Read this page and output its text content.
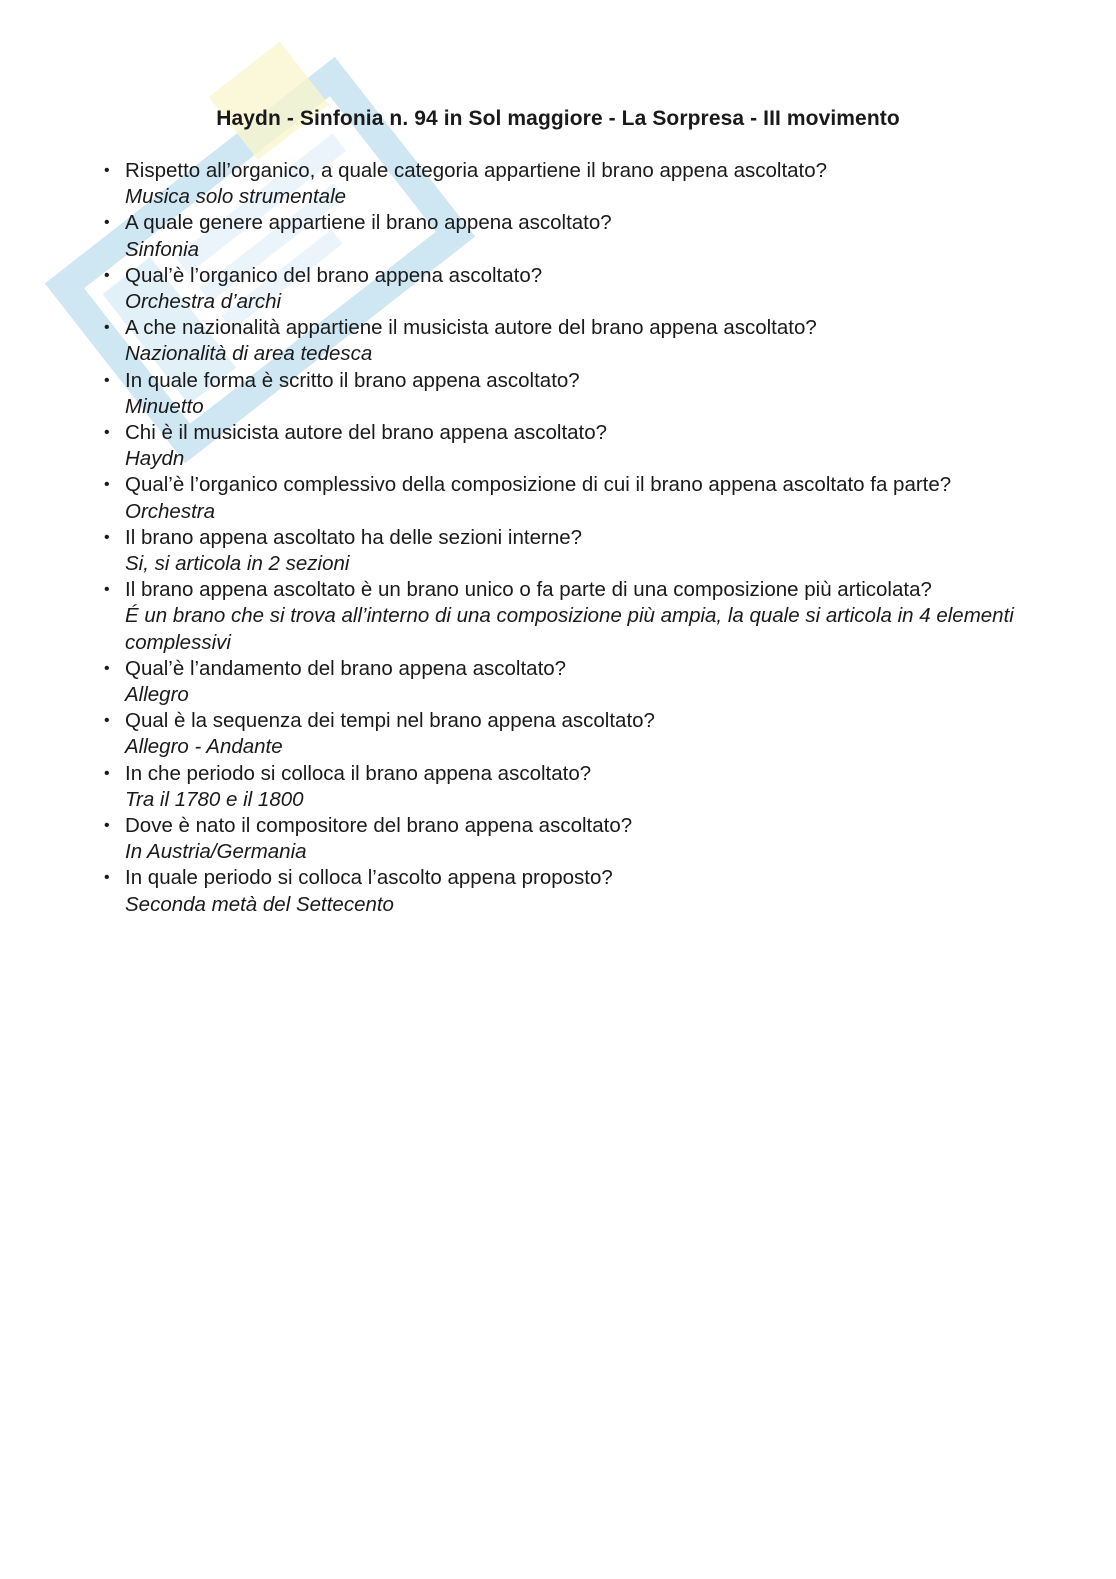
Haydn - Sinfonia n. 94 in Sol maggiore - La Sorpresa - III movimento
• Rispetto all’organico, a quale categoria appartiene il brano appena ascoltato?
Musica solo strumentale
• A quale genere appartiene il brano appena ascoltato?
Sinfonia
• Qual’è l’organico del brano appena ascoltato?
Orchestra d’archi
• A che nazionalità appartiene il musicista autore del brano appena ascoltato?
Nazionalità di area tedesca
• In quale forma è scritto il brano appena ascoltato?
Minuetto
• Chi è il musicista autore del brano appena ascoltato?
Haydn
• Qual’è l’organico complessivo della composizione di cui il brano appena ascoltato fa parte?
Orchestra
• Il brano appena ascoltato ha delle sezioni interne?
Si, si articola in 2 sezioni
• Il brano appena ascoltato è un brano unico o fa parte di una composizione più articolata?
É un brano che si trova all’interno di una composizione più ampia, la quale si articola in 4 elementi complessivi
• Qual’è l’andamento del brano appena ascoltato?
Allegro
• Qual è la sequenza dei tempi nel brano appena ascoltato?
Allegro - Andante
• In che periodo si colloca il brano appena ascoltato?
Tra il 1780 e il 1800
• Dove è nato il compositore del brano appena ascoltato?
In Austria/Germania
• In quale periodo si colloca l’ascolto appena proposto?
Seconda metà del Settecento
